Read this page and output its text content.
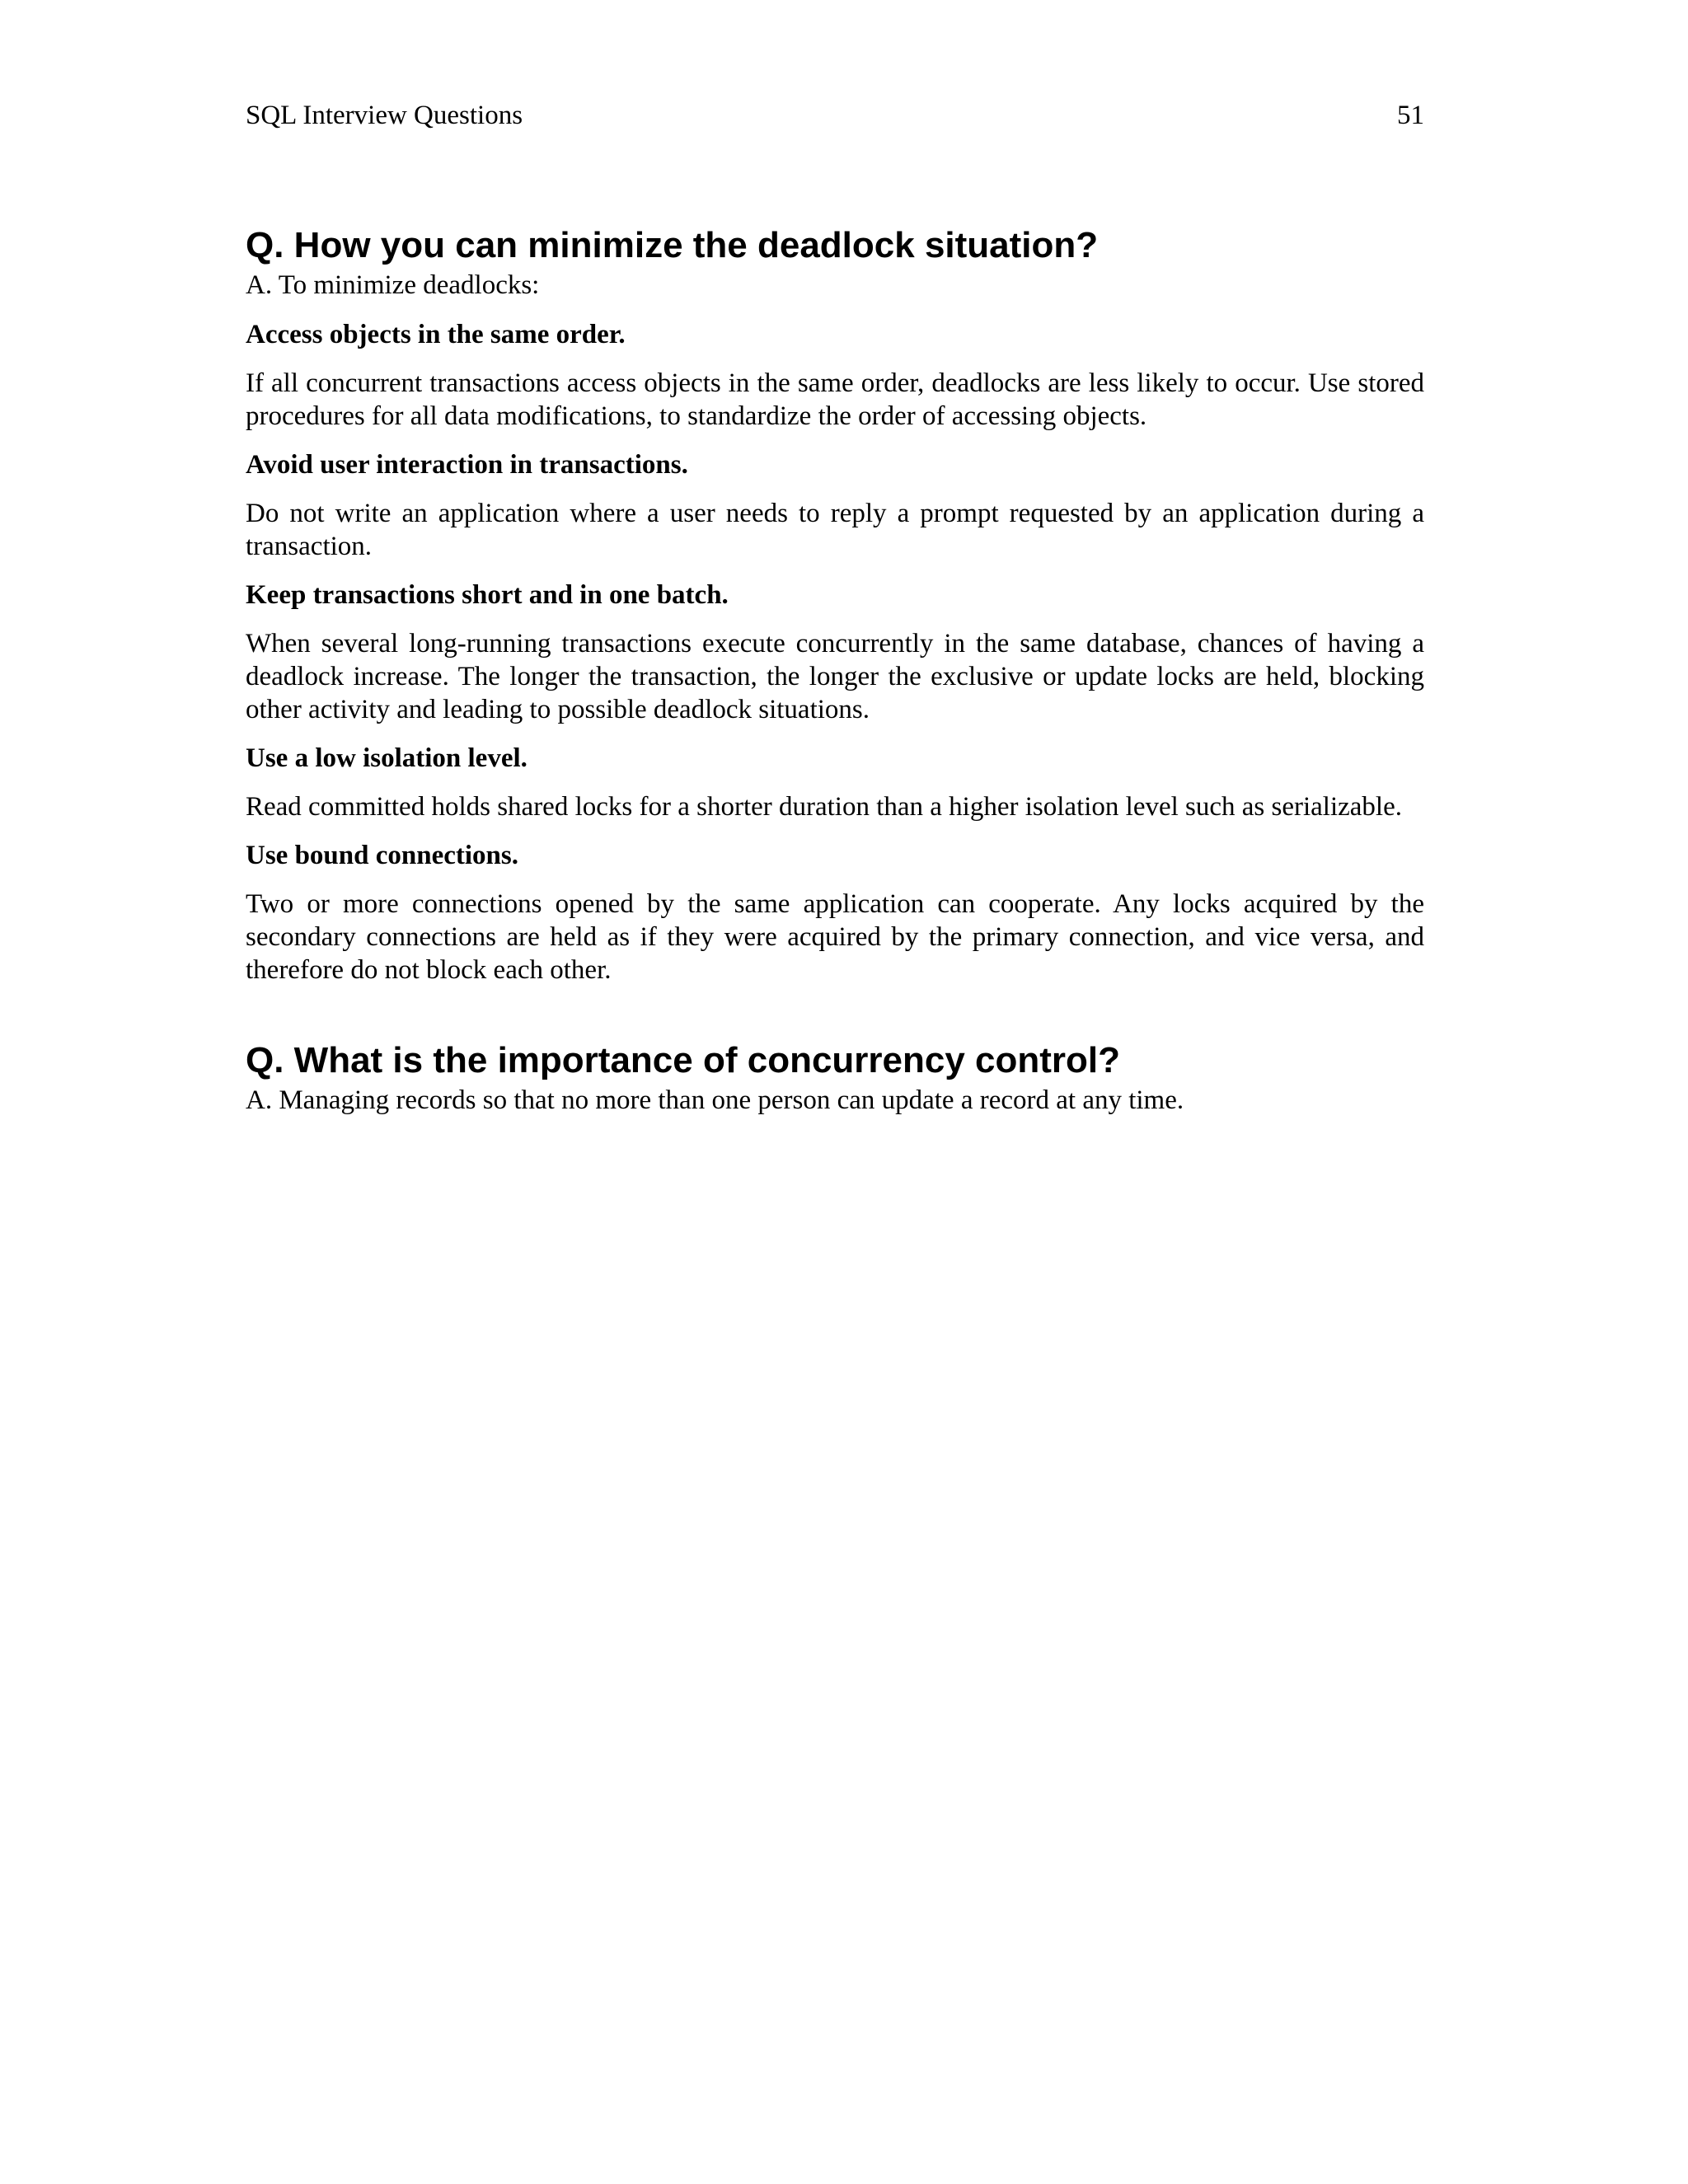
SQL Interview Questions	51
Q. How you can minimize the deadlock situation?

A. To minimize deadlocks:

Access objects in the same order.

If all concurrent transactions access objects in the same order, deadlocks are less likely to occur. Use stored procedures for all data modifications, to standardize the order of accessing objects.

Avoid user interaction in transactions.

Do not write an application where a user needs to reply a prompt requested by an application during a transaction.

Keep transactions short and in one batch.

When several long-running transactions execute concurrently in the same database, chances of having a deadlock increase. The longer the transaction, the longer the exclusive or update locks are held, blocking other activity and leading to possible deadlock situations.

Use a low isolation level.

Read committed holds shared locks for a shorter duration than a higher isolation level such as serializable.

Use bound connections.

Two or more connections opened by the same application can cooperate. Any locks acquired by the secondary connections are held as if they were acquired by the primary connection, and vice versa, and therefore do not block each other.

Q. What is the importance of concurrency control?

A. Managing records so that no more than one person can update a record at any time.
